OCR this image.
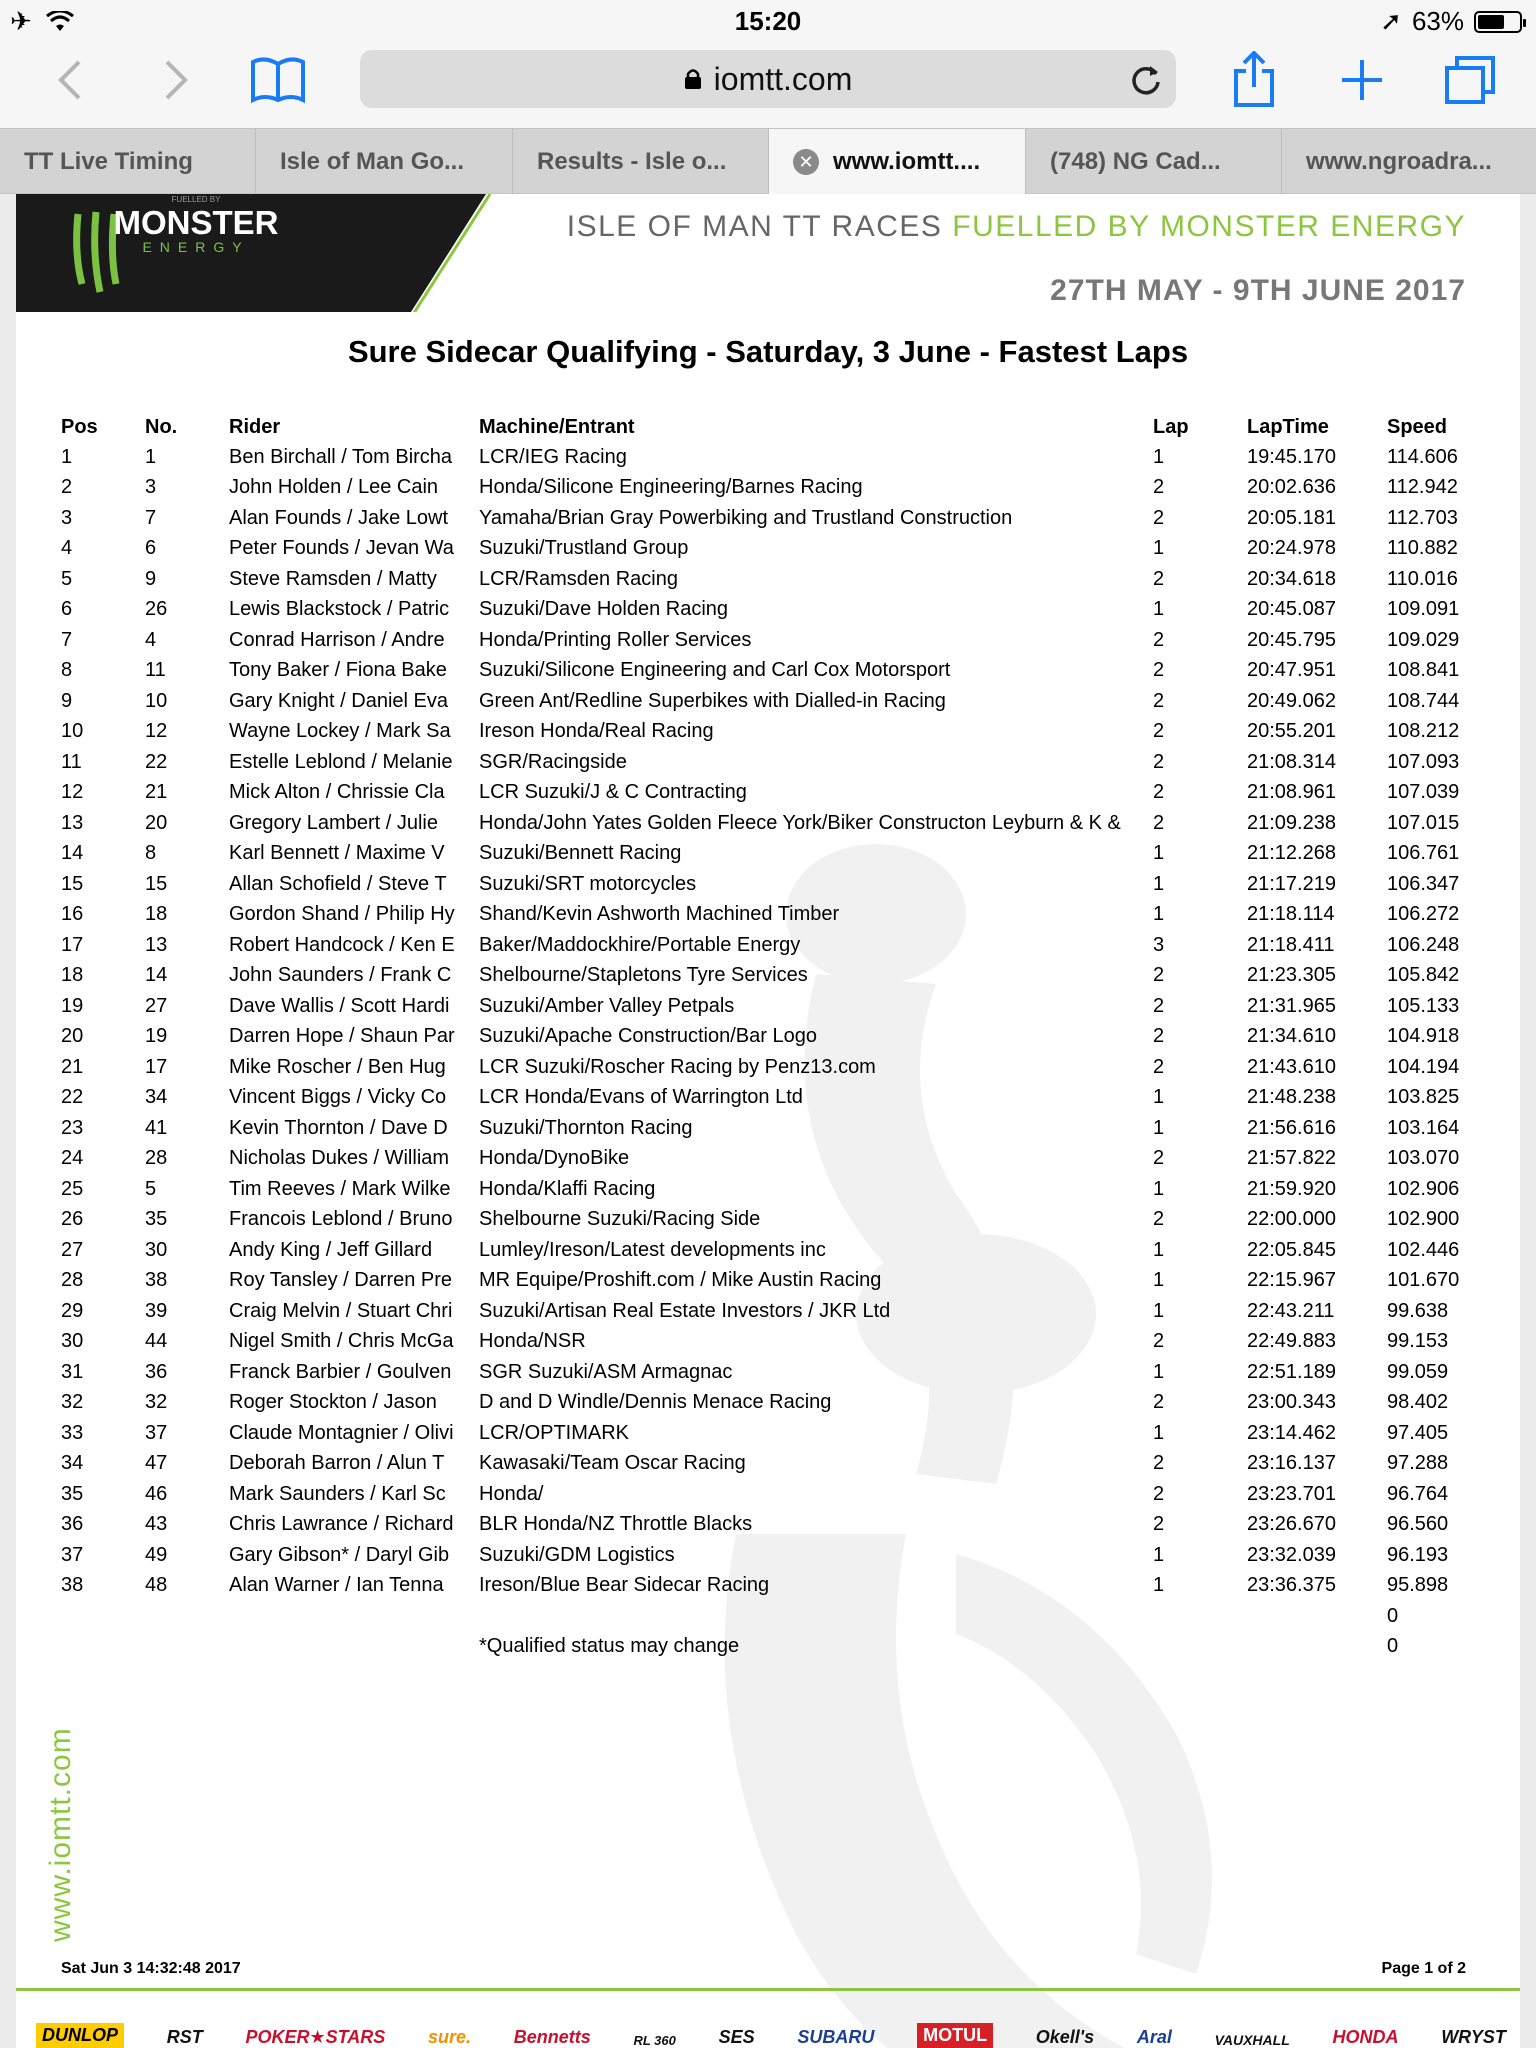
✈	15:20	➚ 63%
iomtt.com
TT Live Timing	Isle of Man Go...	Results - Isle o...	✕ www.iomtt....	(748) NG Cad...	www.ngroadra...
FUELLED BY
MONSTER
ENERGY
ISLE OF MAN TT RACES FUELLED BY MONSTER ENERGY
27TH MAY - 9TH JUNE 2017
Sure Sidecar Qualifying - Saturday, 3 June - Fastest Laps
Pos	No.	Rider	Machine/Entrant	Lap	LapTime	Speed
1	1	Ben Birchall / Tom Bircha	LCR/IEG Racing	1	19:45.170	114.606
2	3	John Holden / Lee Cain	Honda/Silicone Engineering/Barnes Racing	2	20:02.636	112.942
3	7	Alan Founds / Jake Lowt	Yamaha/Brian Gray Powerbiking and Trustland Construction	2	20:05.181	112.703
4	6	Peter Founds / Jevan Wa	Suzuki/Trustland Group	1	20:24.978	110.882
5	9	Steve Ramsden / Matty	LCR/Ramsden Racing	2	20:34.618	110.016
6	26	Lewis Blackstock / Patric	Suzuki/Dave Holden Racing	1	20:45.087	109.091
7	4	Conrad Harrison / Andre	Honda/Printing Roller Services	2	20:45.795	109.029
8	11	Tony Baker / Fiona Bake	Suzuki/Silicone Engineering and Carl Cox Motorsport	2	20:47.951	108.841
9	10	Gary Knight / Daniel Eva	Green Ant/Redline Superbikes with Dialled-in Racing	2	20:49.062	108.744
10	12	Wayne Lockey / Mark Sa	Ireson Honda/Real Racing	2	20:55.201	108.212
11	22	Estelle Leblond / Melanie	SGR/Racingside	2	21:08.314	107.093
12	21	Mick Alton / Chrissie Cla	LCR Suzuki/J & C Contracting	2	21:08.961	107.039
13	20	Gregory Lambert / Julie	Honda/John Yates Golden Fleece York/Biker Constructon Leyburn & K &	2	21:09.238	107.015
14	8	Karl Bennett / Maxime V	Suzuki/Bennett Racing	1	21:12.268	106.761
15	15	Allan Schofield / Steve T	Suzuki/SRT motorcycles	1	21:17.219	106.347
16	18	Gordon Shand / Philip Hy	Shand/Kevin Ashworth Machined Timber	1	21:18.114	106.272
17	13	Robert Handcock / Ken E	Baker/Maddockhire/Portable Energy	3	21:18.411	106.248
18	14	John Saunders / Frank C	Shelbourne/Stapletons Tyre Services	2	21:23.305	105.842
19	27	Dave Wallis / Scott Hardi	Suzuki/Amber Valley Petpals	2	21:31.965	105.133
20	19	Darren Hope / Shaun Par	Suzuki/Apache Construction/Bar Logo	2	21:34.610	104.918
21	17	Mike Roscher / Ben Hug	LCR Suzuki/Roscher Racing by Penz13.com	2	21:43.610	104.194
22	34	Vincent Biggs / Vicky Co	LCR Honda/Evans of Warrington Ltd	1	21:48.238	103.825
23	41	Kevin Thornton / Dave D	Suzuki/Thornton Racing	1	21:56.616	103.164
24	28	Nicholas Dukes / William	Honda/DynoBike	2	21:57.822	103.070
25	5	Tim Reeves / Mark Wilke	Honda/Klaffi Racing	1	21:59.920	102.906
26	35	Francois Leblond / Bruno	Shelbourne Suzuki/Racing Side	2	22:00.000	102.900
27	30	Andy King / Jeff Gillard	Lumley/Ireson/Latest developments inc	1	22:05.845	102.446
28	38	Roy Tansley / Darren Pre	MR Equipe/Proshift.com / Mike Austin Racing	1	22:15.967	101.670
29	39	Craig Melvin / Stuart Chri	Suzuki/Artisan Real Estate Investors / JKR Ltd	1	22:43.211	99.638
30	44	Nigel Smith / Chris McGa	Honda/NSR	2	22:49.883	99.153
31	36	Franck Barbier / Goulven	SGR Suzuki/ASM Armagnac	1	22:51.189	99.059
32	32	Roger Stockton / Jason	D and D Windle/Dennis Menace Racing	2	23:00.343	98.402
33	37	Claude Montagnier / Olivi	LCR/OPTIMARK	1	23:14.462	97.405
34	47	Deborah Barron / Alun T	Kawasaki/Team Oscar Racing	2	23:16.137	97.288
35	46	Mark Saunders / Karl Sc	Honda/	2	23:23.701	96.764
36	43	Chris Lawrance / Richard	BLR Honda/NZ Throttle Blacks	2	23:26.670	96.560
37	49	Gary Gibson* / Daryl Gib	Suzuki/GDM Logistics	1	23:32.039	96.193
38	48	Alan Warner / Ian Tenna	Ireson/Blue Bear Sidecar Racing	1	23:36.375	95.898
						0
			*Qualified status may change			0
www.iomtt.com
Sat Jun 3 14:32:48 2017	Page 1 of 2
DUNLOP	RST POKER★STARS sure. Bennetts	RL 360 SES SUBARU	MOTUL	Okell's Aral	VAUXHALL HONDA WRYST
